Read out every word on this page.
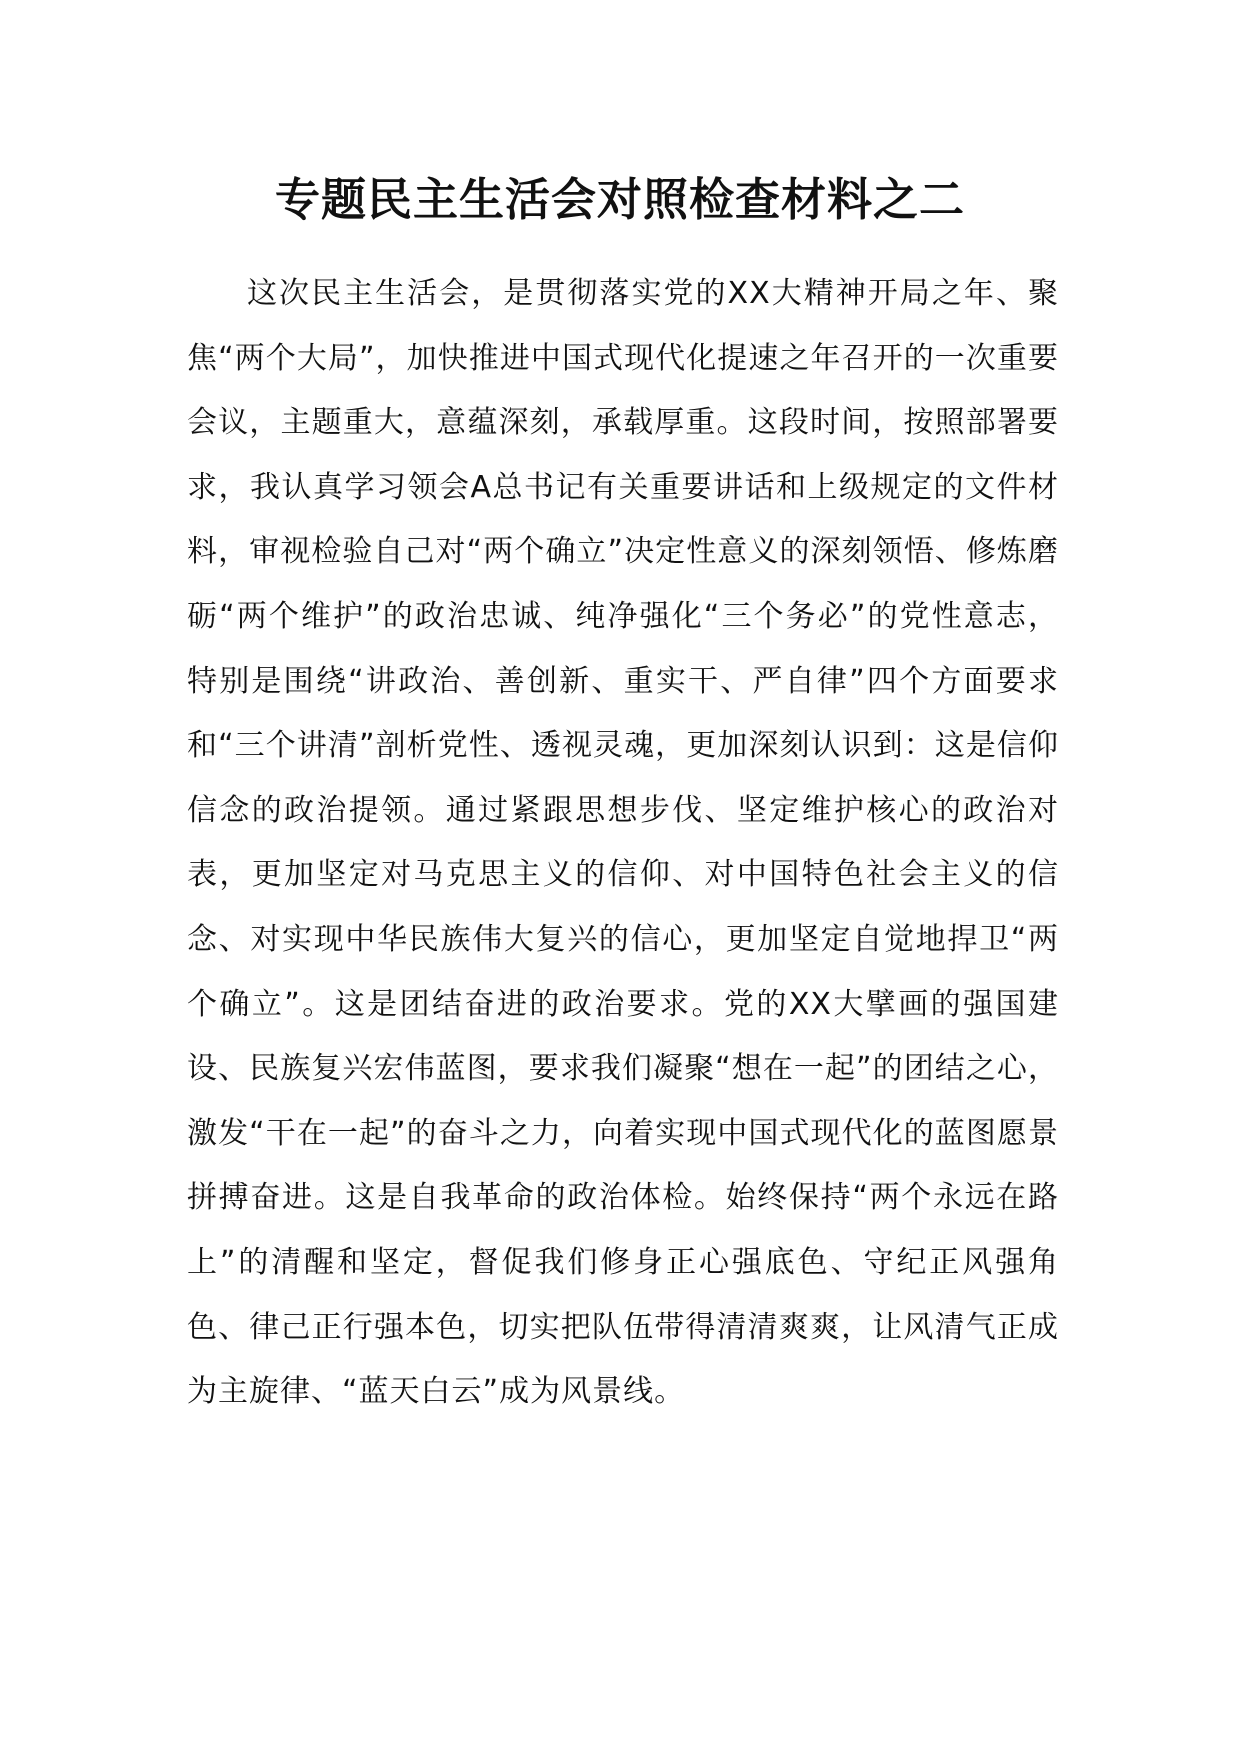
专题民主生活会对照检查材料之二

这次民主生活会，是贯彻落实党的XX大精神开局之年、聚焦“两个大局”，加快推进中国式现代化提速之年召开的一次重要会议，主题重大，意蕴深刻，承载厚重。这段时间，按照部署要求，我认真学习领会A总书记有关重要讲话和上级规定的文件材料，审视检验自己对“两个确立”决定性意义的深刻领悟、修炼磨砺“两个维护”的政治忠诚、纯净强化“三个务必”的党性意志，特别是围绕“讲政治、善创新、重实干、严自律”四个方面要求和“三个讲清”剖析党性、透视灵魂，更加深刻认识到：这是信仰信念的政治提领。通过紧跟思想步伐、坚定维护核心的政治对表，更加坚定对马克思主义的信仰、对中国特色社会主义的信念、对实现中华民族伟大复兴的信心，更加坚定自觉地捍卫“两个确立”。这是团结奋进的政治要求。党的XX大擘画的强国建设、民族复兴宏伟蓝图，要求我们凝聚“想在一起”的团结之心，激发“干在一起”的奋斗之力，向着实现中国式现代化的蓝图愿景拼搏奋进。这是自我革命的政治体检。始终保持“两个永远在路上”的清醒和坚定，督促我们修身正心强底色、守纪正风强角色、律己正行强本色，切实把队伍带得清清爽爽，让风清气正成为主旋律、“蓝天白云”成为风景线。
